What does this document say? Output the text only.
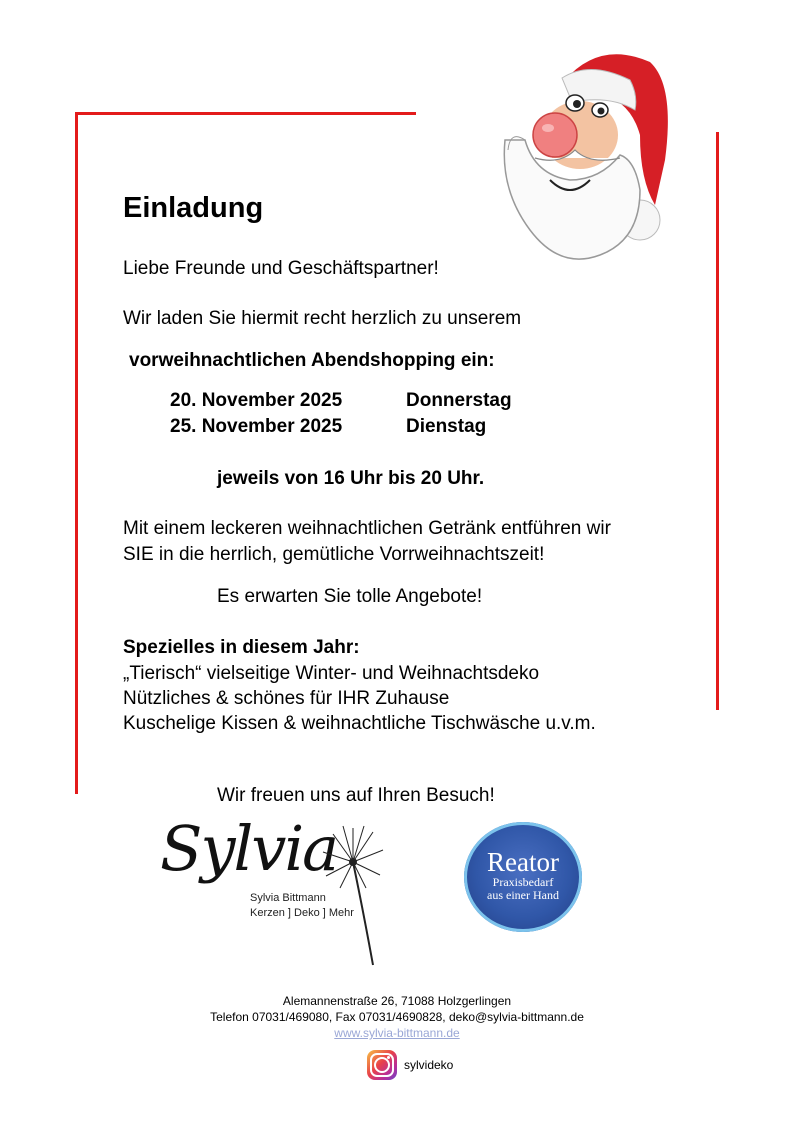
Einladung
Liebe Freunde und Geschäftspartner!
Wir laden Sie hiermit recht herzlich zu unserem
vorweihnachtlichen Abendshopping ein:
20. November 2025	Donnerstag
25. November 2025	Dienstag
jeweils von 16 Uhr bis 20 Uhr.
Mit einem leckeren weihnachtlichen Getränk entführen wir
SIE in die herrlich, gemütliche Vorrweihnachtszeit!
Es erwarten Sie tolle Angebote!
Spezielles in diesem Jahr:
„Tierisch“ vielseitige Winter- und Weihnachtsdeko
Nützliches & schönes für IHR Zuhause
Kuschelige Kissen & weihnachtliche Tischwäsche u.v.m.
Wir freuen uns auf Ihren Besuch!
Sylvia
Sylvia Bittmann
Kerzen ] Deko ] Mehr
Reator
Praxisbedarf
aus einer Hand
Alemannenstraße 26, 71088 Holzgerlingen
Telefon 07031/469080, Fax 07031/4690828, deko@sylvia-bittmann.de
www.sylvia-bittmann.de
sylvideko
